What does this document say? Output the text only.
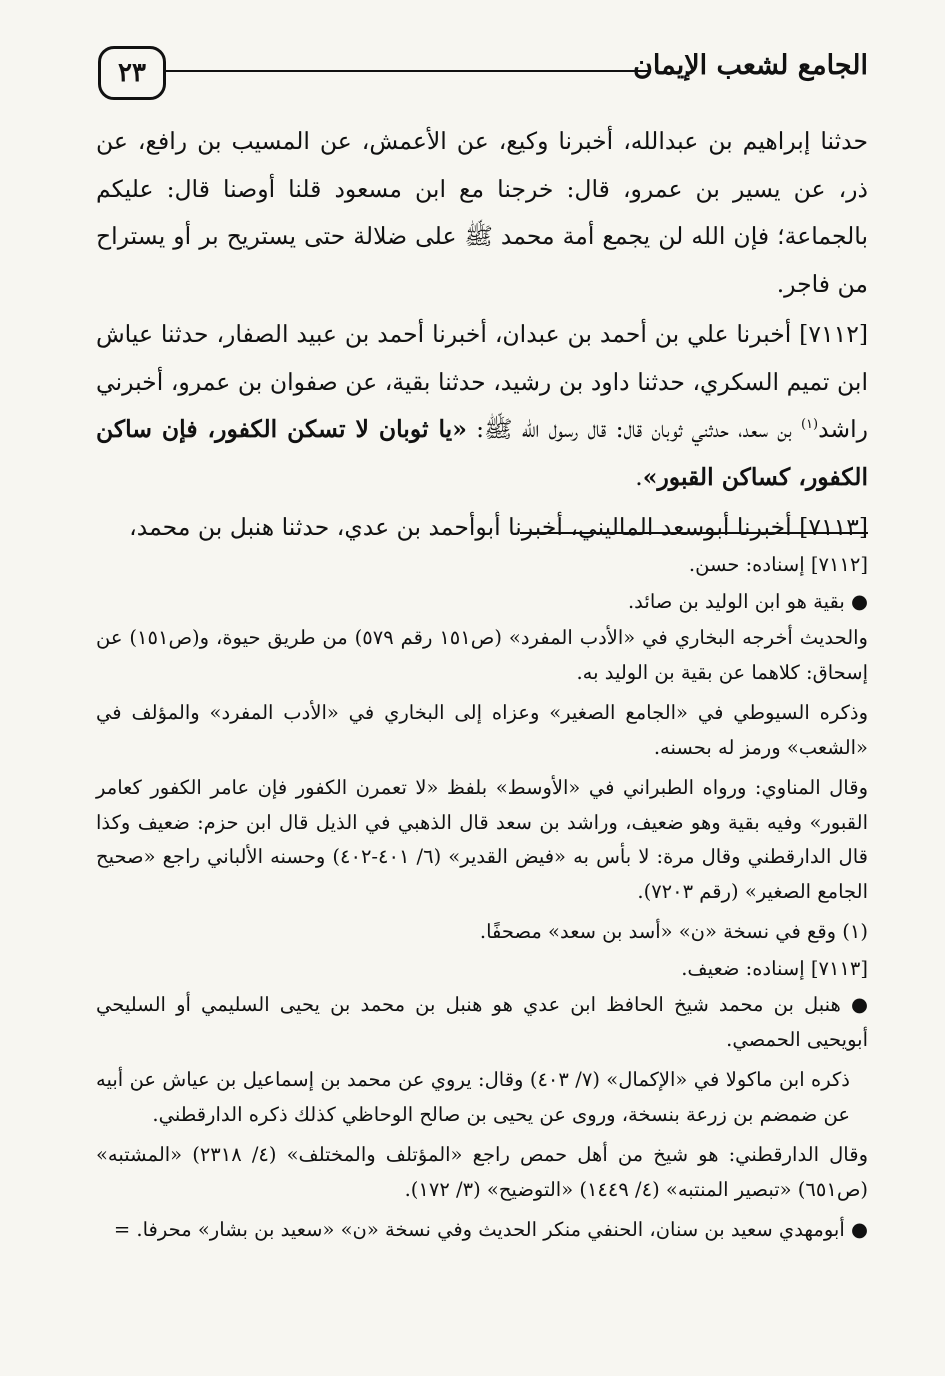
٢٣	الجامع لشعب الإيمان

حدثنا إبراهيم بن عبدالله، أخبرنا وكيع، عن الأعمش، عن المسيب بن رافع، عن ذر، عن يسير بن عمرو، قال: خرجنا مع ابن مسعود قلنا أوصنا قال: عليكم بالجماعة؛ فإن الله لن يجمع أمة محمد ﷺ على ضلالة حتى يستريح بر أو يستراح من فاجر.

[٧١١٢] أخبرنا علي بن أحمد بن عبدان، أخبرنا أحمد بن عبيد الصفار، حدثنا عياش ابن تميم السكري، حدثنا داود بن رشيد، حدثنا بقية، عن صفوان بن عمرو، أخبرني راشد$^{(١)}$ بن سعد، حدثني ثوبان قال: قال رسول الله ﷺ: «يا ثوبان لا تسكن الكفور، فإن ساكن الكفور، كساكن القبور».

[٧١١٣] أخبرنا أبوسعد الماليني، أخبرنا أبوأحمد بن عدي، حدثنا هنبل بن محمد،

[٧١١٢] إسناده: حسن.

● بقية هو ابن الوليد بن صائد.

والحديث أخرجه البخاري في «الأدب المفرد» (ص١٥١ رقم ٥٧٩) من طريق حيوة، و(ص١٥١) عن إسحاق: كلاهما عن بقية بن الوليد به.

وذكره السيوطي في «الجامع الصغير» وعزاه إلى البخاري في «الأدب المفرد» والمؤلف في «الشعب» ورمز له بحسنه.

وقال المناوي: ورواه الطبراني في «الأوسط» بلفظ «لا تعمرن الكفور فإن عامر الكفور كعامر القبور» وفيه بقية وهو ضعيف، وراشد بن سعد قال الذهبي في الذيل قال ابن حزم: ضعيف وكذا قال الدارقطني وقال مرة: لا بأس به «فيض القدير» (٦/ ٤٠١-٤٠٢) وحسنه الألباني راجع «صحيح الجامع الصغير» (رقم ٧٢٠٣).

(١) وقع في نسخة «ن» «أسد بن سعد» مصحفًا.

[٧١١٣] إسناده: ضعيف.

● هنبل بن محمد شيخ الحافظ ابن عدي هو هنبل بن محمد بن يحيى السليمي أو السليحي أبويحيى الحمصي.

ذكره ابن ماكولا في «الإكمال» (٧/ ٤٠٣) وقال: يروي عن محمد بن إسماعيل بن عياش عن أبيه عن ضمضم بن زرعة بنسخة، وروى عن يحيى بن صالح الوحاظي كذلك ذكره الدارقطني.

وقال الدارقطني: هو شيخ من أهل حمص راجع «المؤتلف والمختلف» (٤/ ٢٣١٨) «المشتبه» (ص٦٥١) «تبصير المنتبه» (٤/ ١٤٤٩) «التوضيح» (٣/ ١٧٢).

● أبومهدي سعيد بن سنان، الحنفي منكر الحديث وفي نسخة «ن» «سعيد بن بشار» محرفا. =
